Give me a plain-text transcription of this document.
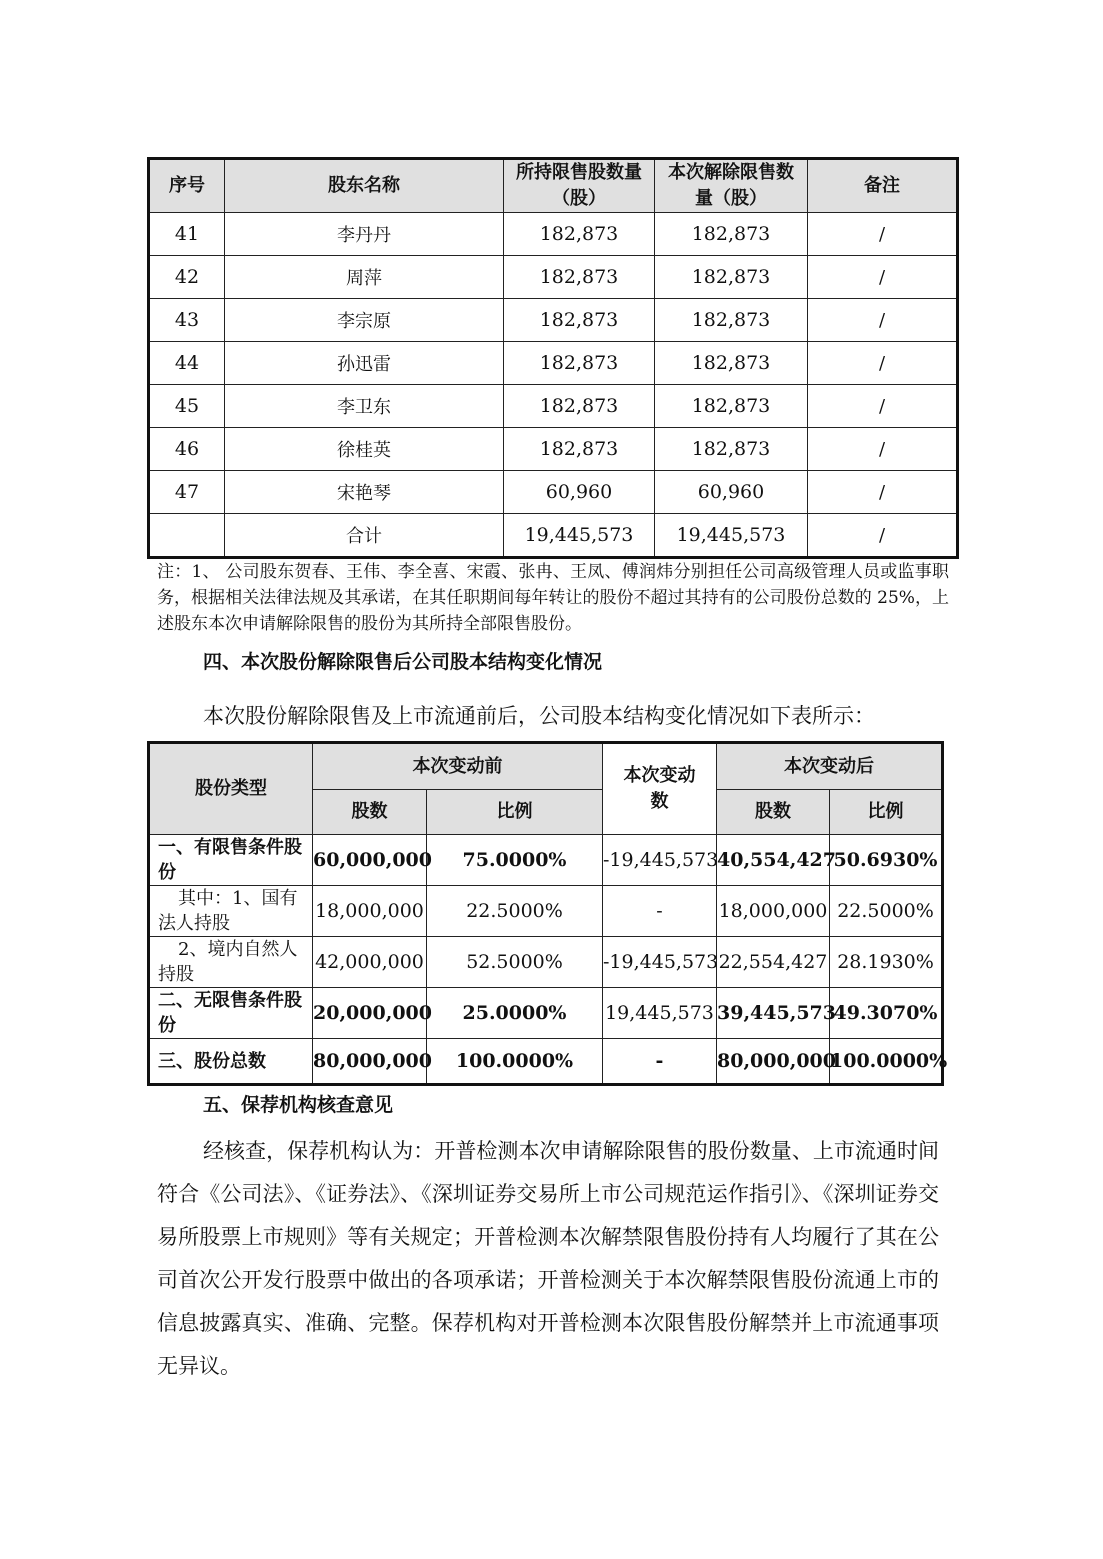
序号	股东名称	所持限售股数量（股）	本次解除限售数量（股）	备注
41	李丹丹	182,873	182,873	/
42	周萍	182,873	182,873	/
43	李宗原	182,873	182,873	/
44	孙迅雷	182,873	182,873	/
45	李卫东	182,873	182,873	/
46	徐桂英	182,873	182,873	/
47	宋艳琴	60,960	60,960	/
	合计	19,445,573	19,445,573	/
注：1、 公司股东贺春、王伟、李全喜、宋霞、张冉、王凤、傅润炜分别担任公司高级管理人员或监事职务，根据相关法律法规及其承诺，在其任职期间每年转让的股份不超过其持有的公司股份总数的 25%，上述股东本次申请解除限售的股份为其所持全部限售股份。
四、本次股份解除限售后公司股本结构变化情况
本次股份解除限售及上市流通前后，公司股本结构变化情况如下表所示：
股份类型	本次变动前		本次变动数	本次变动后	
	股数	比例		股数	比例
一、有限售条件股份	60,000,000	75.0000%	-19,445,573	40,554,427	50.6930%
其中：1、国有法人持股	18,000,000	22.5000%	-	18,000,000	22.5000%
2、境内自然人持股	42,000,000	52.5000%	-19,445,573	22,554,427	28.1930%
二、无限售条件股份	20,000,000	25.0000%	19,445,573	39,445,573	49.3070%
三、股份总数	80,000,000	100.0000%	-	80,000,000	100.0000%
五、保荐机构核查意见
经核查，保荐机构认为：开普检测本次申请解除限售的股份数量、上市流通时间符合《公司法》、《证券法》、《深圳证券交易所上市公司规范运作指引》、《深圳证券交易所股票上市规则》等有关规定；开普检测本次解禁限售股份持有人均履行了其在公司首次公开发行股票中做出的各项承诺；开普检测关于本次解禁限售股份流通上市的信息披露真实、准确、完整。保荐机构对开普检测本次限售股份解禁并上市流通事项无异议。
